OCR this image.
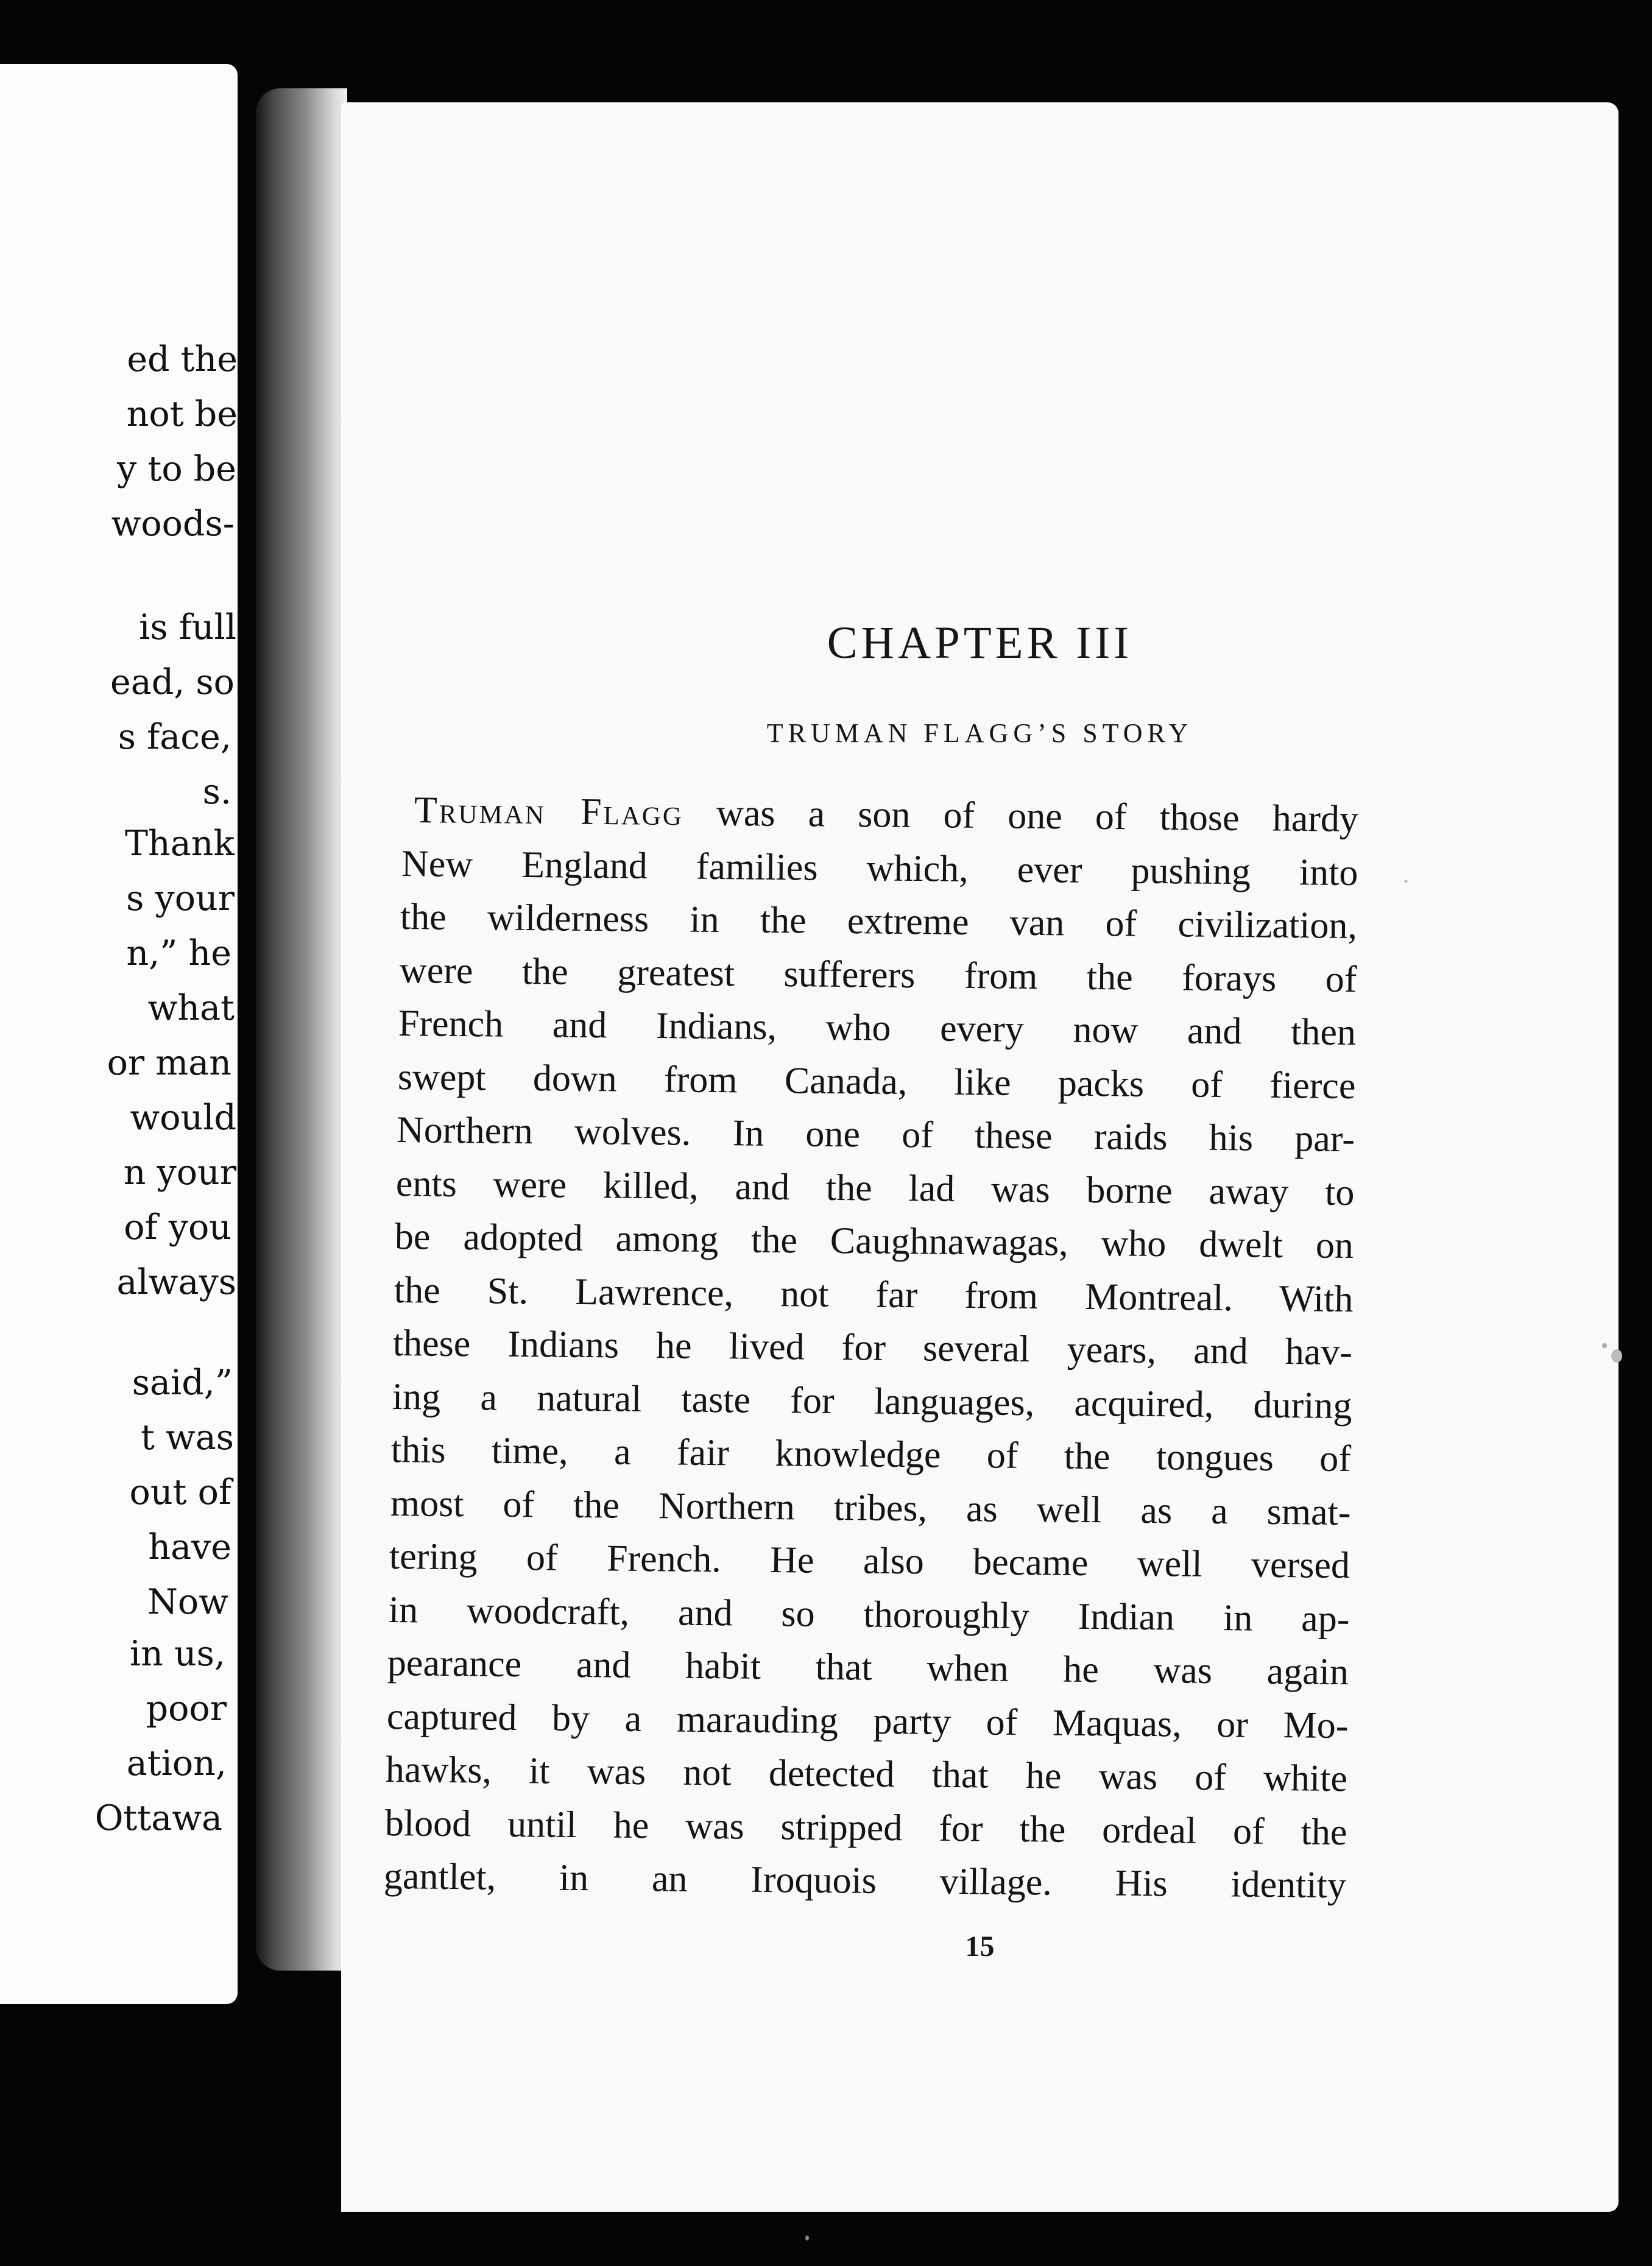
ed the
not be
y to be
woods-
is full
ead, so
s face,
s.
Thank
s your
n,” he
what
or man
would
n your
of you
always
said,”
t was
out of
have
Now
in us,
poor
ation,
Ottawa
CHAPTER III
TRUMAN FLAGG’S STORY
Truman Flagg was a son of one of those hardy
New England families which, ever pushing into
the wilderness in the extreme van of civilization,
were the greatest sufferers from the forays of
French and Indians, who every now and then
swept down from Canada, like packs of fierce
Northern wolves. In one of these raids his par-
ents were killed, and the lad was borne away to
be adopted among the Caughnawagas, who dwelt on
the St. Lawrence, not far from Montreal. With
these Indians he lived for several years, and hav-
ing a natural taste for languages, acquired, during
this time, a fair knowledge of the tongues of
most of the Northern tribes, as well as a smat-
tering of French. He also became well versed
in woodcraft, and so thoroughly Indian in ap-
pearance and habit that when he was again
captured by a marauding party of Maquas, or Mo-
hawks, it was not detected that he was of white
blood until he was stripped for the ordeal of the
gantlet, in an Iroquois village. His identity
15
